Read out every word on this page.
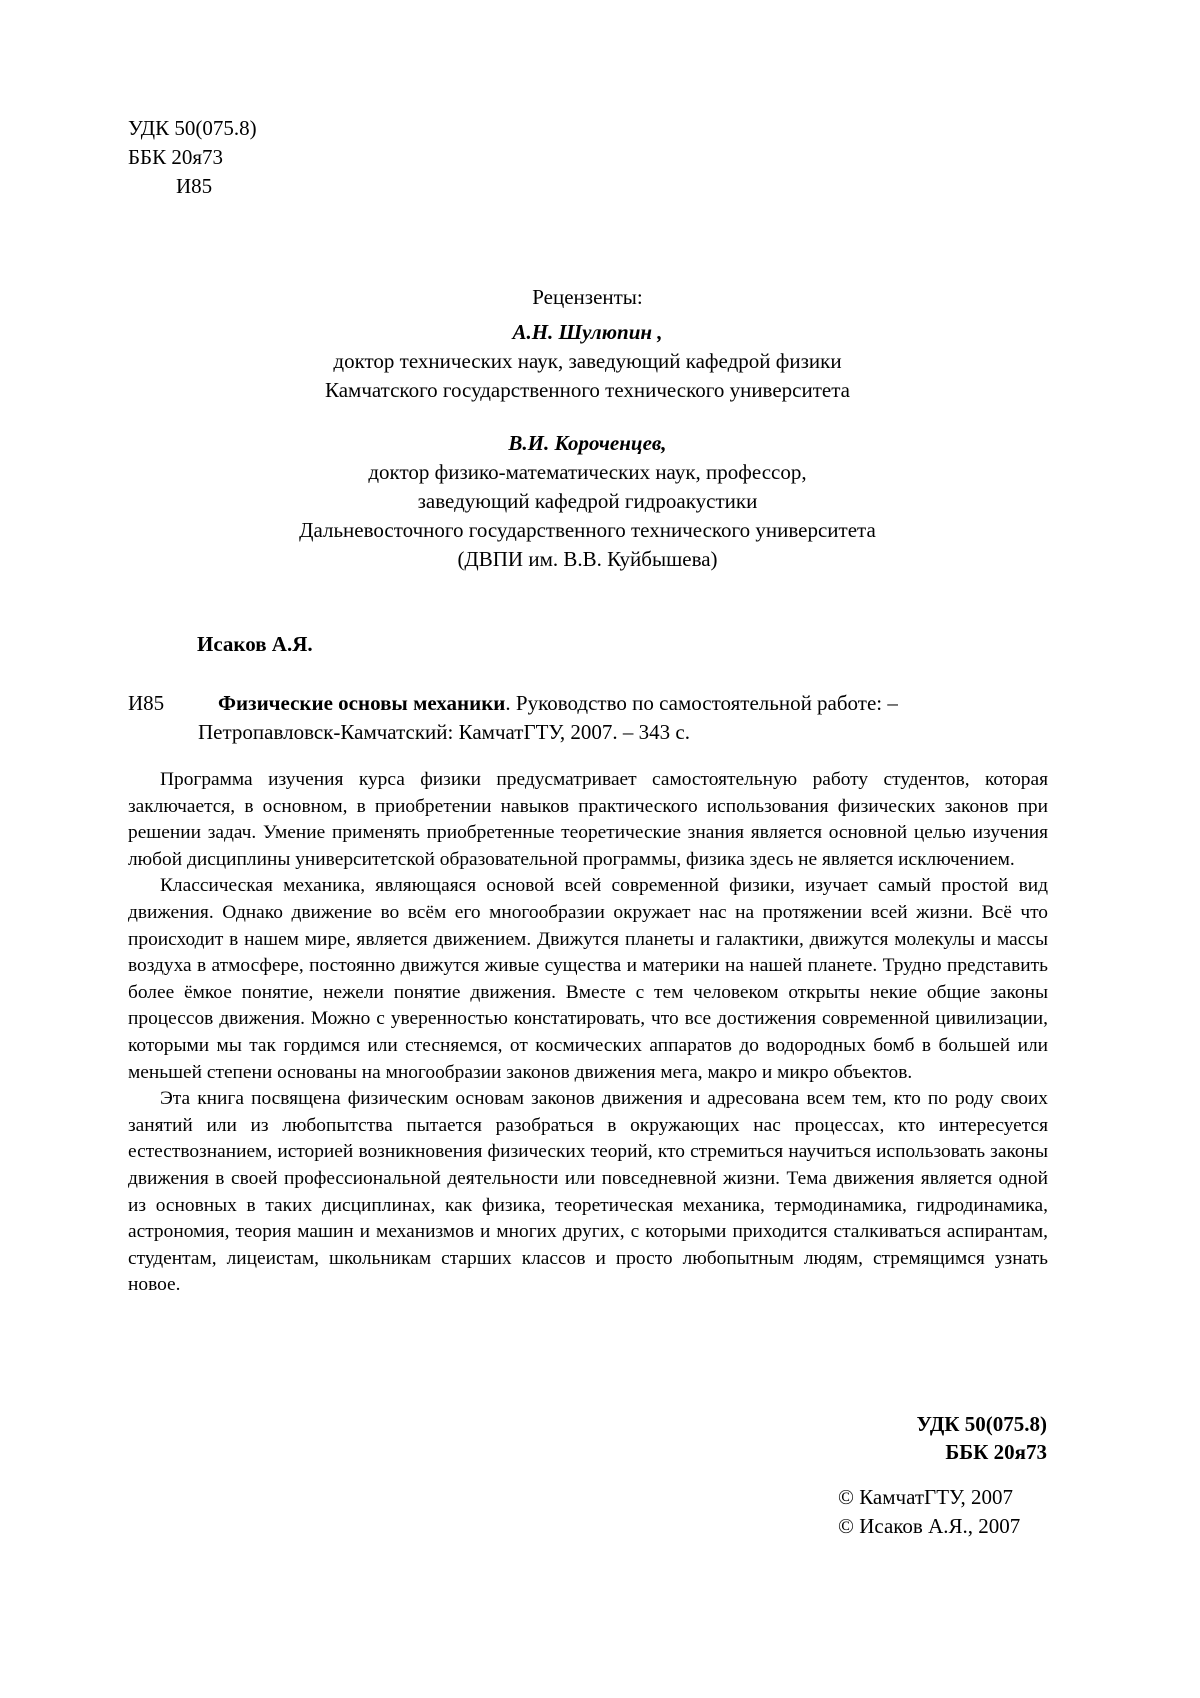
УДК 50(075.8)
ББК 20я73
И85
Рецензенты:
А.Н. Шулюпин ,
доктор технических наук, заведующий кафедрой физики
Камчатского государственного технического университета
В.И. Короченцев,
доктор физико-математических наук, профессор,
заведующий кафедрой гидроакустики
Дальневосточного государственного технического университета
(ДВПИ им. В.В. Куйбышева)
Исаков А.Я.
И85	Физические основы механики. Руководство по самостоятельной работе: –
Петропавловск-Камчатский: КамчатГТУ, 2007. – 343 с.

Программа изучения курса физики предусматривает самостоятельную работу студентов, которая заключается, в основном, в приобретении навыков практического использования физических законов при решении задач. Умение применять приобретенные теоретические знания является основной целью изучения любой дисциплины университетской образовательной программы, физика здесь не является исключением.

Классическая механика, являющаяся основой всей современной физики, изучает самый простой вид движения. Однако движение во всём его многообразии окружает нас на протяжении всей жизни. Всё что происходит в нашем мире, является движением. Движутся планеты и галактики, движутся молекулы и массы воздуха в атмосфере, постоянно движутся живые существа и материки на нашей планете. Трудно представить более ёмкое понятие, нежели понятие движения. Вместе с тем человеком открыты некие общие законы процессов движения. Можно с уверенностью констатировать, что все достижения современной цивилизации, которыми мы так гордимся или стесняемся, от космических аппаратов до водородных бомб в большей или меньшей степени основаны на многообразии законов движения мега, макро и микро объектов.

Эта книга посвящена физическим основам законов движения и адресована всем тем, кто по роду своих занятий или из любопытства пытается разобраться в окружающих нас процессах, кто интересуется естествознанием, историей возникновения физических теорий, кто стремиться научиться использовать законы движения в своей профессиональной деятельности или повседневной жизни. Тема движения является одной из основных в таких дисциплинах, как физика, теоретическая механика, термодинамика, гидродинамика, астрономия, теория машин и механизмов и многих других, с которыми приходится сталкиваться аспирантам, студентам, лицеистам, школьникам старших классов и просто любопытным людям, стремящимся узнать новое.

УДК 50(075.8)
ББК 20я73
© КамчатГТУ, 2007
© Исаков А.Я., 2007
